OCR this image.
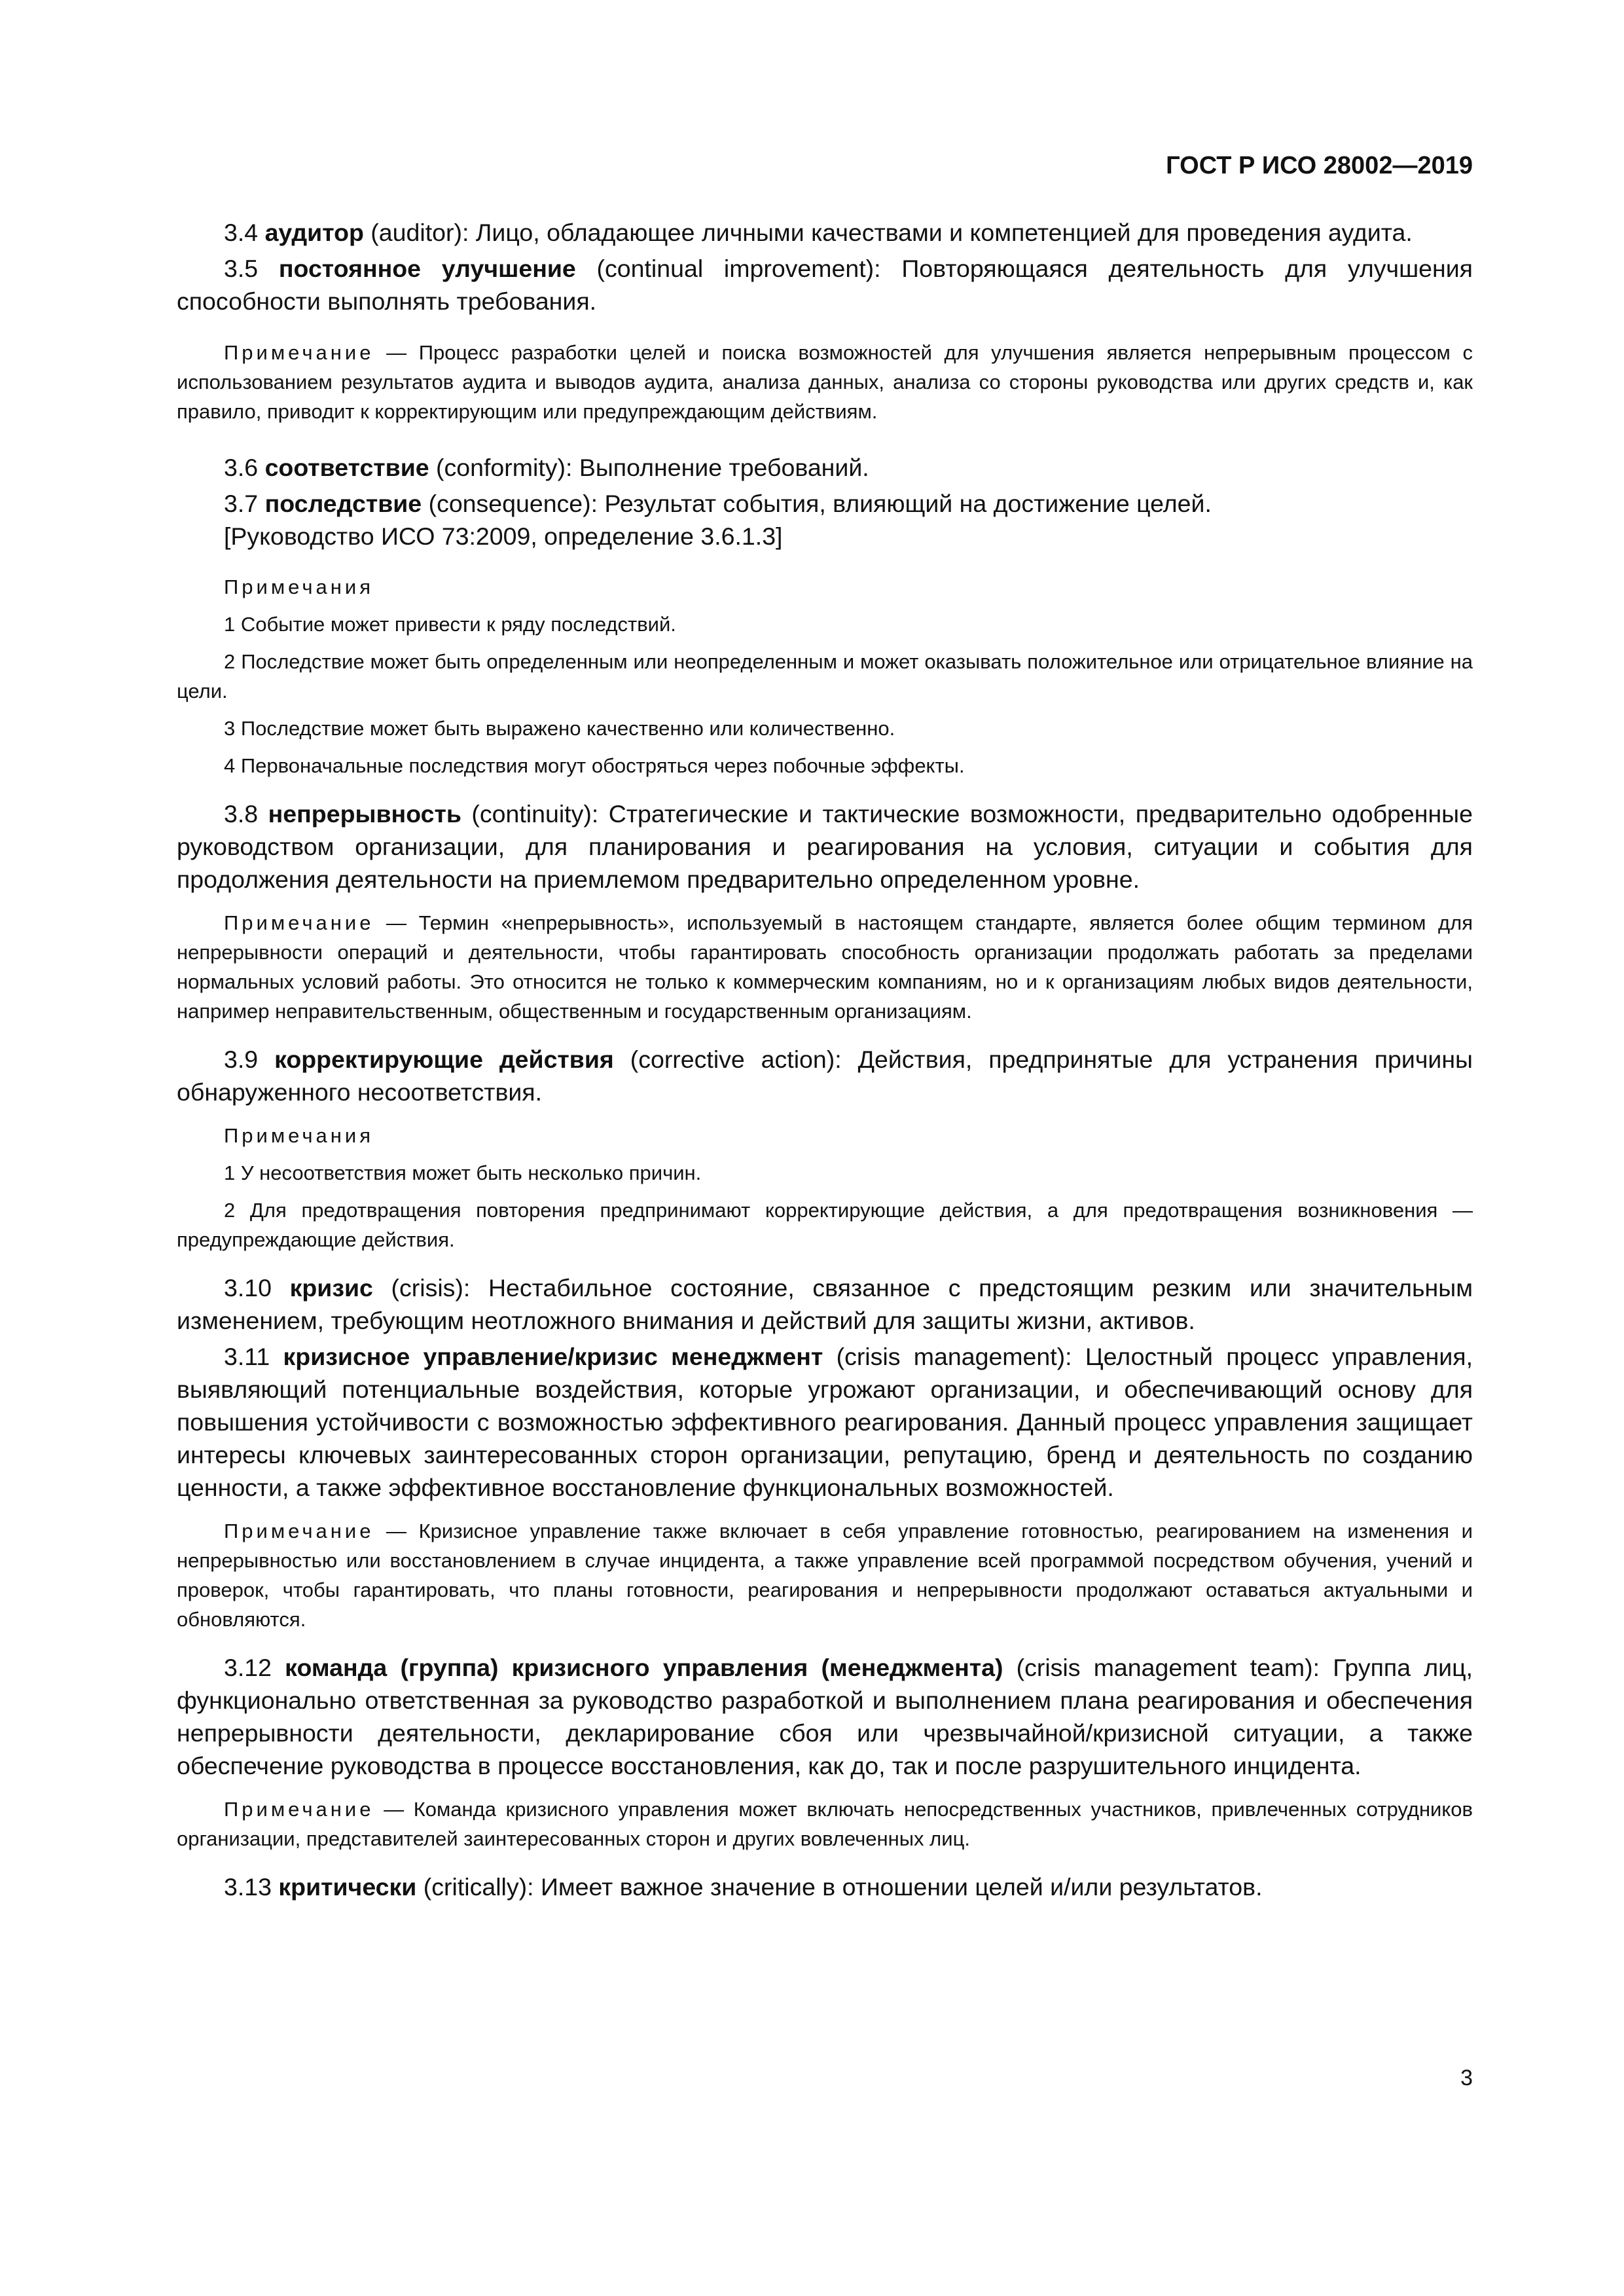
ГОСТ Р ИСО 28002—2019

3.4 аудитор (auditor): Лицо, обладающее личными качествами и компетенцией для проведения аудита.

3.5 постоянное улучшение (continual improvement): Повторяющаяся деятельность для улучшения способности выполнять требования.

Примечание — Процесс разработки целей и поиска возможностей для улучшения является непрерывным процессом с использованием результатов аудита и выводов аудита, анализа данных, анализа со стороны руководства или других средств и, как правило, приводит к корректирующим или предупреждающим действиям.

3.6 соответствие (conformity): Выполнение требований.

3.7 последствие (consequence): Результат события, влияющий на достижение целей.

[Руководство ИСО 73:2009, определение 3.6.1.3]

Примечания

1 Событие может привести к ряду последствий.

2 Последствие может быть определенным или неопределенным и может оказывать положительное или отрицательное влияние на цели.

3 Последствие может быть выражено качественно или количественно.

4 Первоначальные последствия могут обостряться через побочные эффекты.

3.8 непрерывность (continuity): Стратегические и тактические возможности, предварительно одобренные руководством организации, для планирования и реагирования на условия, ситуации и события для продолжения деятельности на приемлемом предварительно определенном уровне.

Примечание — Термин «непрерывность», используемый в настоящем стандарте, является более общим термином для непрерывности операций и деятельности, чтобы гарантировать способность организации продолжать работать за пределами нормальных условий работы. Это относится не только к коммерческим компаниям, но и к организациям любых видов деятельности, например неправительственным, общественным и государственным организациям.

3.9 корректирующие действия (corrective action): Действия, предпринятые для устранения причины обнаруженного несоответствия.

Примечания

1 У несоответствия может быть несколько причин.

2 Для предотвращения повторения предпринимают корректирующие действия, а для предотвращения возникновения — предупреждающие действия.

3.10 кризис (crisis): Нестабильное состояние, связанное с предстоящим резким или значительным изменением, требующим неотложного внимания и действий для защиты жизни, активов.

3.11 кризисное управление/кризис менеджмент (crisis management): Целостный процесс управления, выявляющий потенциальные воздействия, которые угрожают организации, и обеспечивающий основу для повышения устойчивости с возможностью эффективного реагирования. Данный процесс управления защищает интересы ключевых заинтересованных сторон организации, репутацию, бренд и деятельность по созданию ценности, а также эффективное восстановление функциональных возможностей.

Примечание — Кризисное управление также включает в себя управление готовностью, реагированием на изменения и непрерывностью или восстановлением в случае инцидента, а также управление всей программой посредством обучения, учений и проверок, чтобы гарантировать, что планы готовности, реагирования и непрерывности продолжают оставаться актуальными и обновляются.

3.12 команда (группа) кризисного управления (менеджмента) (crisis management team): Группа лиц, функционально ответственная за руководство разработкой и выполнением плана реагирования и обеспечения непрерывности деятельности, декларирование сбоя или чрезвычайной/кризисной ситуации, а также обеспечение руководства в процессе восстановления, как до, так и после разрушительного инцидента.

Примечание — Команда кризисного управления может включать непосредственных участников, привлеченных сотрудников организации, представителей заинтересованных сторон и других вовлеченных лиц.

3.13 критически (critically): Имеет важное значение в отношении целей и/или результатов.

3
